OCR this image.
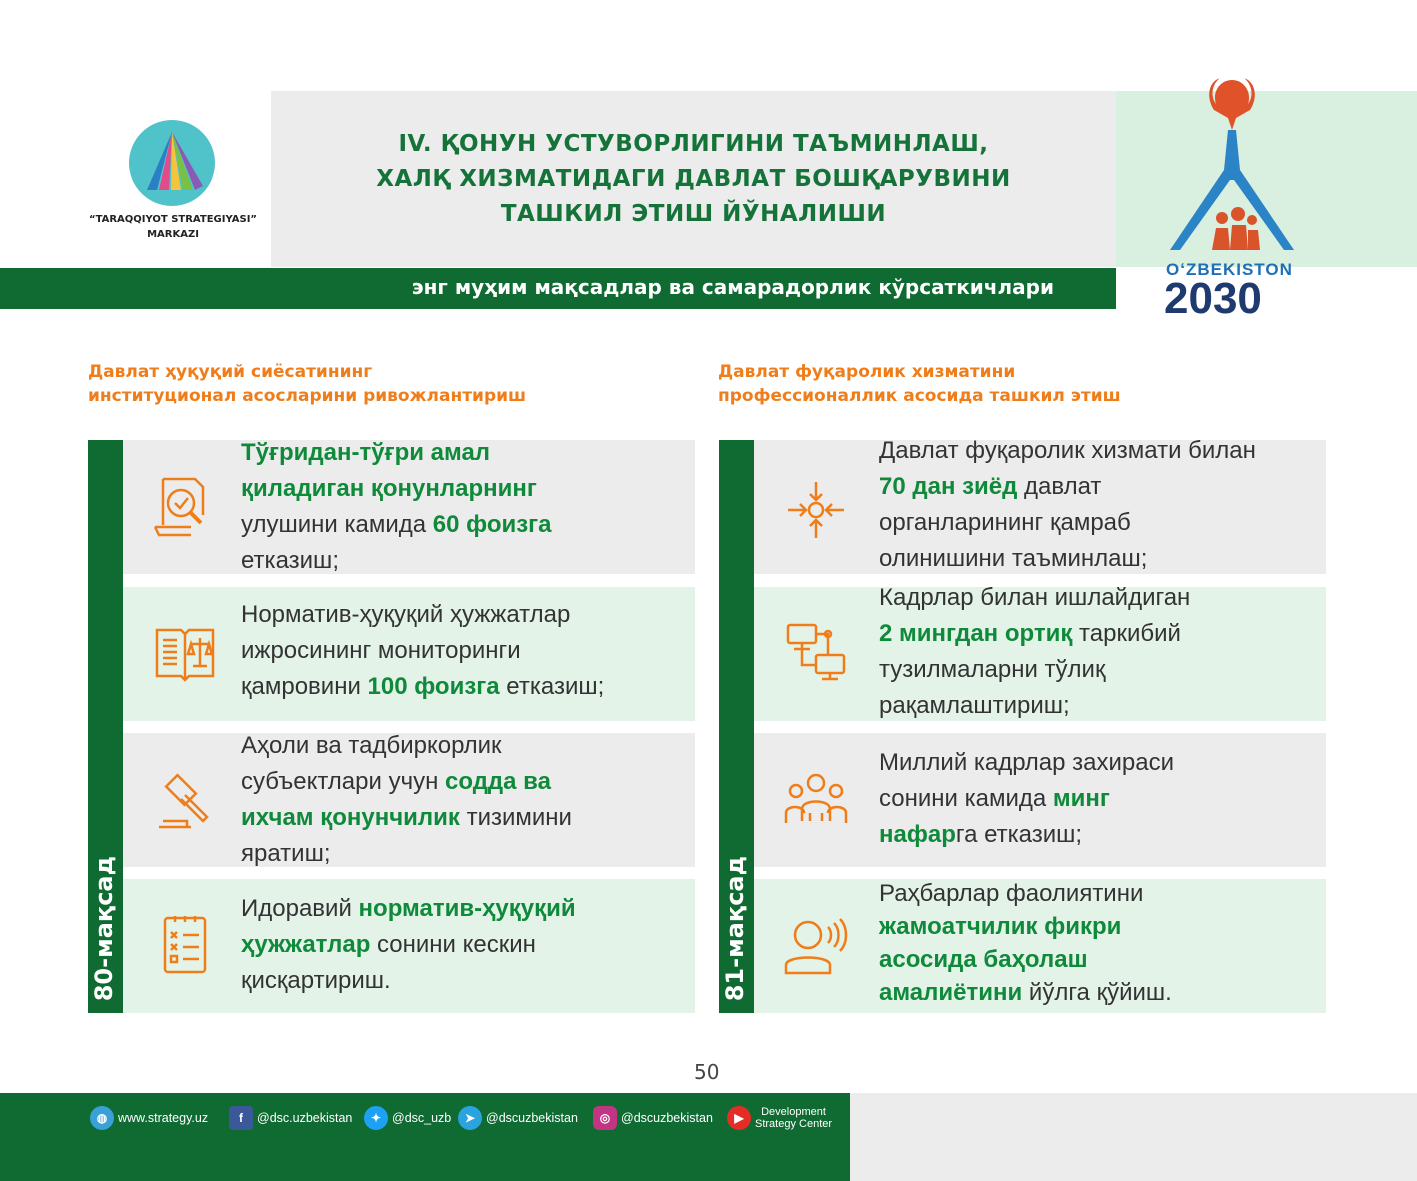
“TARAQQIYOT STRATEGIYASI”
MARKAZI
IV. ҚОНУН УСТУВОРЛИГИНИ ТАЪМИНЛАШ,
ХАЛҚ ХИЗМАТИДАГИ ДАВЛАТ БОШҚАРУВИНИ
ТАШКИЛ ЭТИШ ЙЎНАЛИШИ
энг муҳим мақсадлар ва самарадорлик кўрсаткичлари
OʻZBEKISTON
2030
Давлат ҳуқуқий сиёсатининг
институционал асосларини ривожлантириш
Давлат фуқаролик хизматини
профессионаллик асосида ташкил этиш
80-мақсад	81-мақсад
Тўғридан-тўғри амал
қиладиган қонунларнинг
улушини камида 60 фоизга
етказиш;
Норматив-ҳуқуқий ҳужжатлар
ижросининг мониторинги
қамровини 100 фоизга етказиш;
Аҳоли ва тадбиркорлик
субъектлари учун содда ва
ихчам қонунчилик тизимини
яратиш;
Идоравий норматив-ҳуқуқий
ҳужжатлар сонини кескин
қисқартириш.
Давлат фуқаролик хизмати билан
70 дан зиёд давлат
органларининг қамраб
олинишини таъминлаш;
Кадрлар билан ишлайдиган
2 мингдан ортиқ таркибий
тузилмаларни тўлиқ
рақамлаштириш;
Миллий кадрлар захираси
сонини камида минг
нафарга етказиш;
Раҳбарлар фаолиятини
жамоатчилик фикри
асосида баҳолаш
амалиётини йўлга қўйиш.
50
◍ www.strategy.uz	f	@dsc.uzbekistan	✦ @dsc_uzb	➤ @dscuzbekistan	◎ @dscuzbekistan	▶	Development
Strategy Center
